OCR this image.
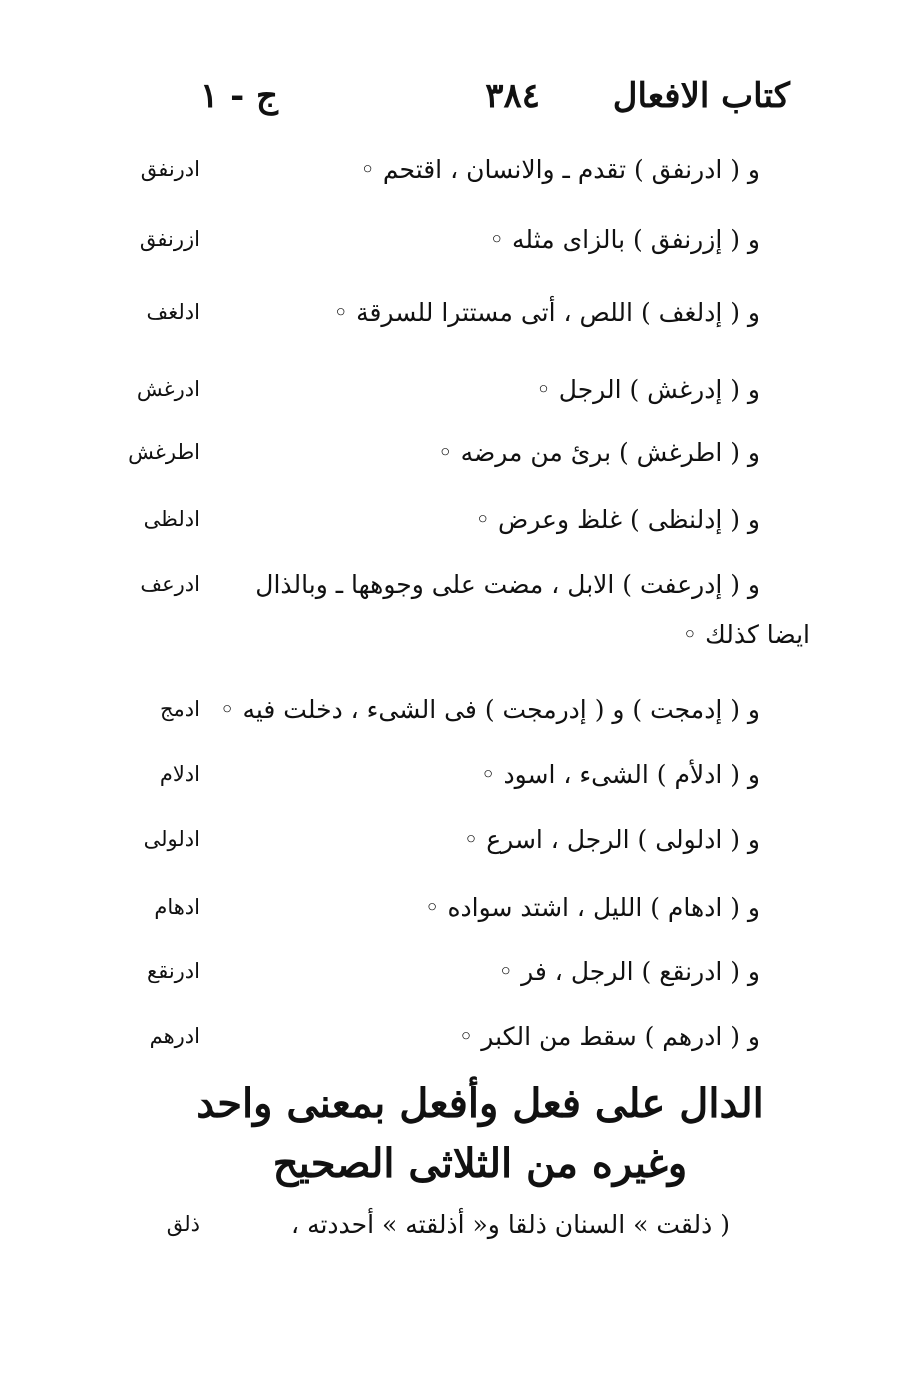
كتاب الافعال
٣٨٤
ج - ١
و ( ادرنفق ) تقدم ـ والانسان ، اقتحم ◦
ادرنفق
و ( إزرنفق ) بالزاى مثله ◦
ازرنفق
و ( إدلغف ) اللص ، أتى مستترا للسرقة ◦
ادلغف
و ( إدرغش ) الرجل ◦
ادرغش
و ( اطرغش ) برئ من مرضه ◦
اطرغش
و ( إدلنظى ) غلظ وعرض ◦
ادلظى
و ( إدرعفت ) الابل ، مضت على وجوهها ـ وبالذال
ادرعف
ايضا كذلك ◦
و ( إدمجت ) و ( إدرمجت ) فى الشىء ، دخلت فيه ◦
ادمج
و ( ادلأم ) الشىء ، اسود ◦
ادلام
و ( ادلولى ) الرجل ، اسرع ◦
ادلولى
و ( ادهام ) الليل ، اشتد سواده ◦
ادهام
و ( ادرنقع ) الرجل ، فر ◦
ادرنقع
و ( ادرهم ) سقط من الكبر ◦
ادرهم
الدال على فعل وأفعل بمعنى واحد
وغيره من الثلاثى الصحيح
( ذلقت » السنان ذلقا و« أذلقته » أحددته ،
ذلق
